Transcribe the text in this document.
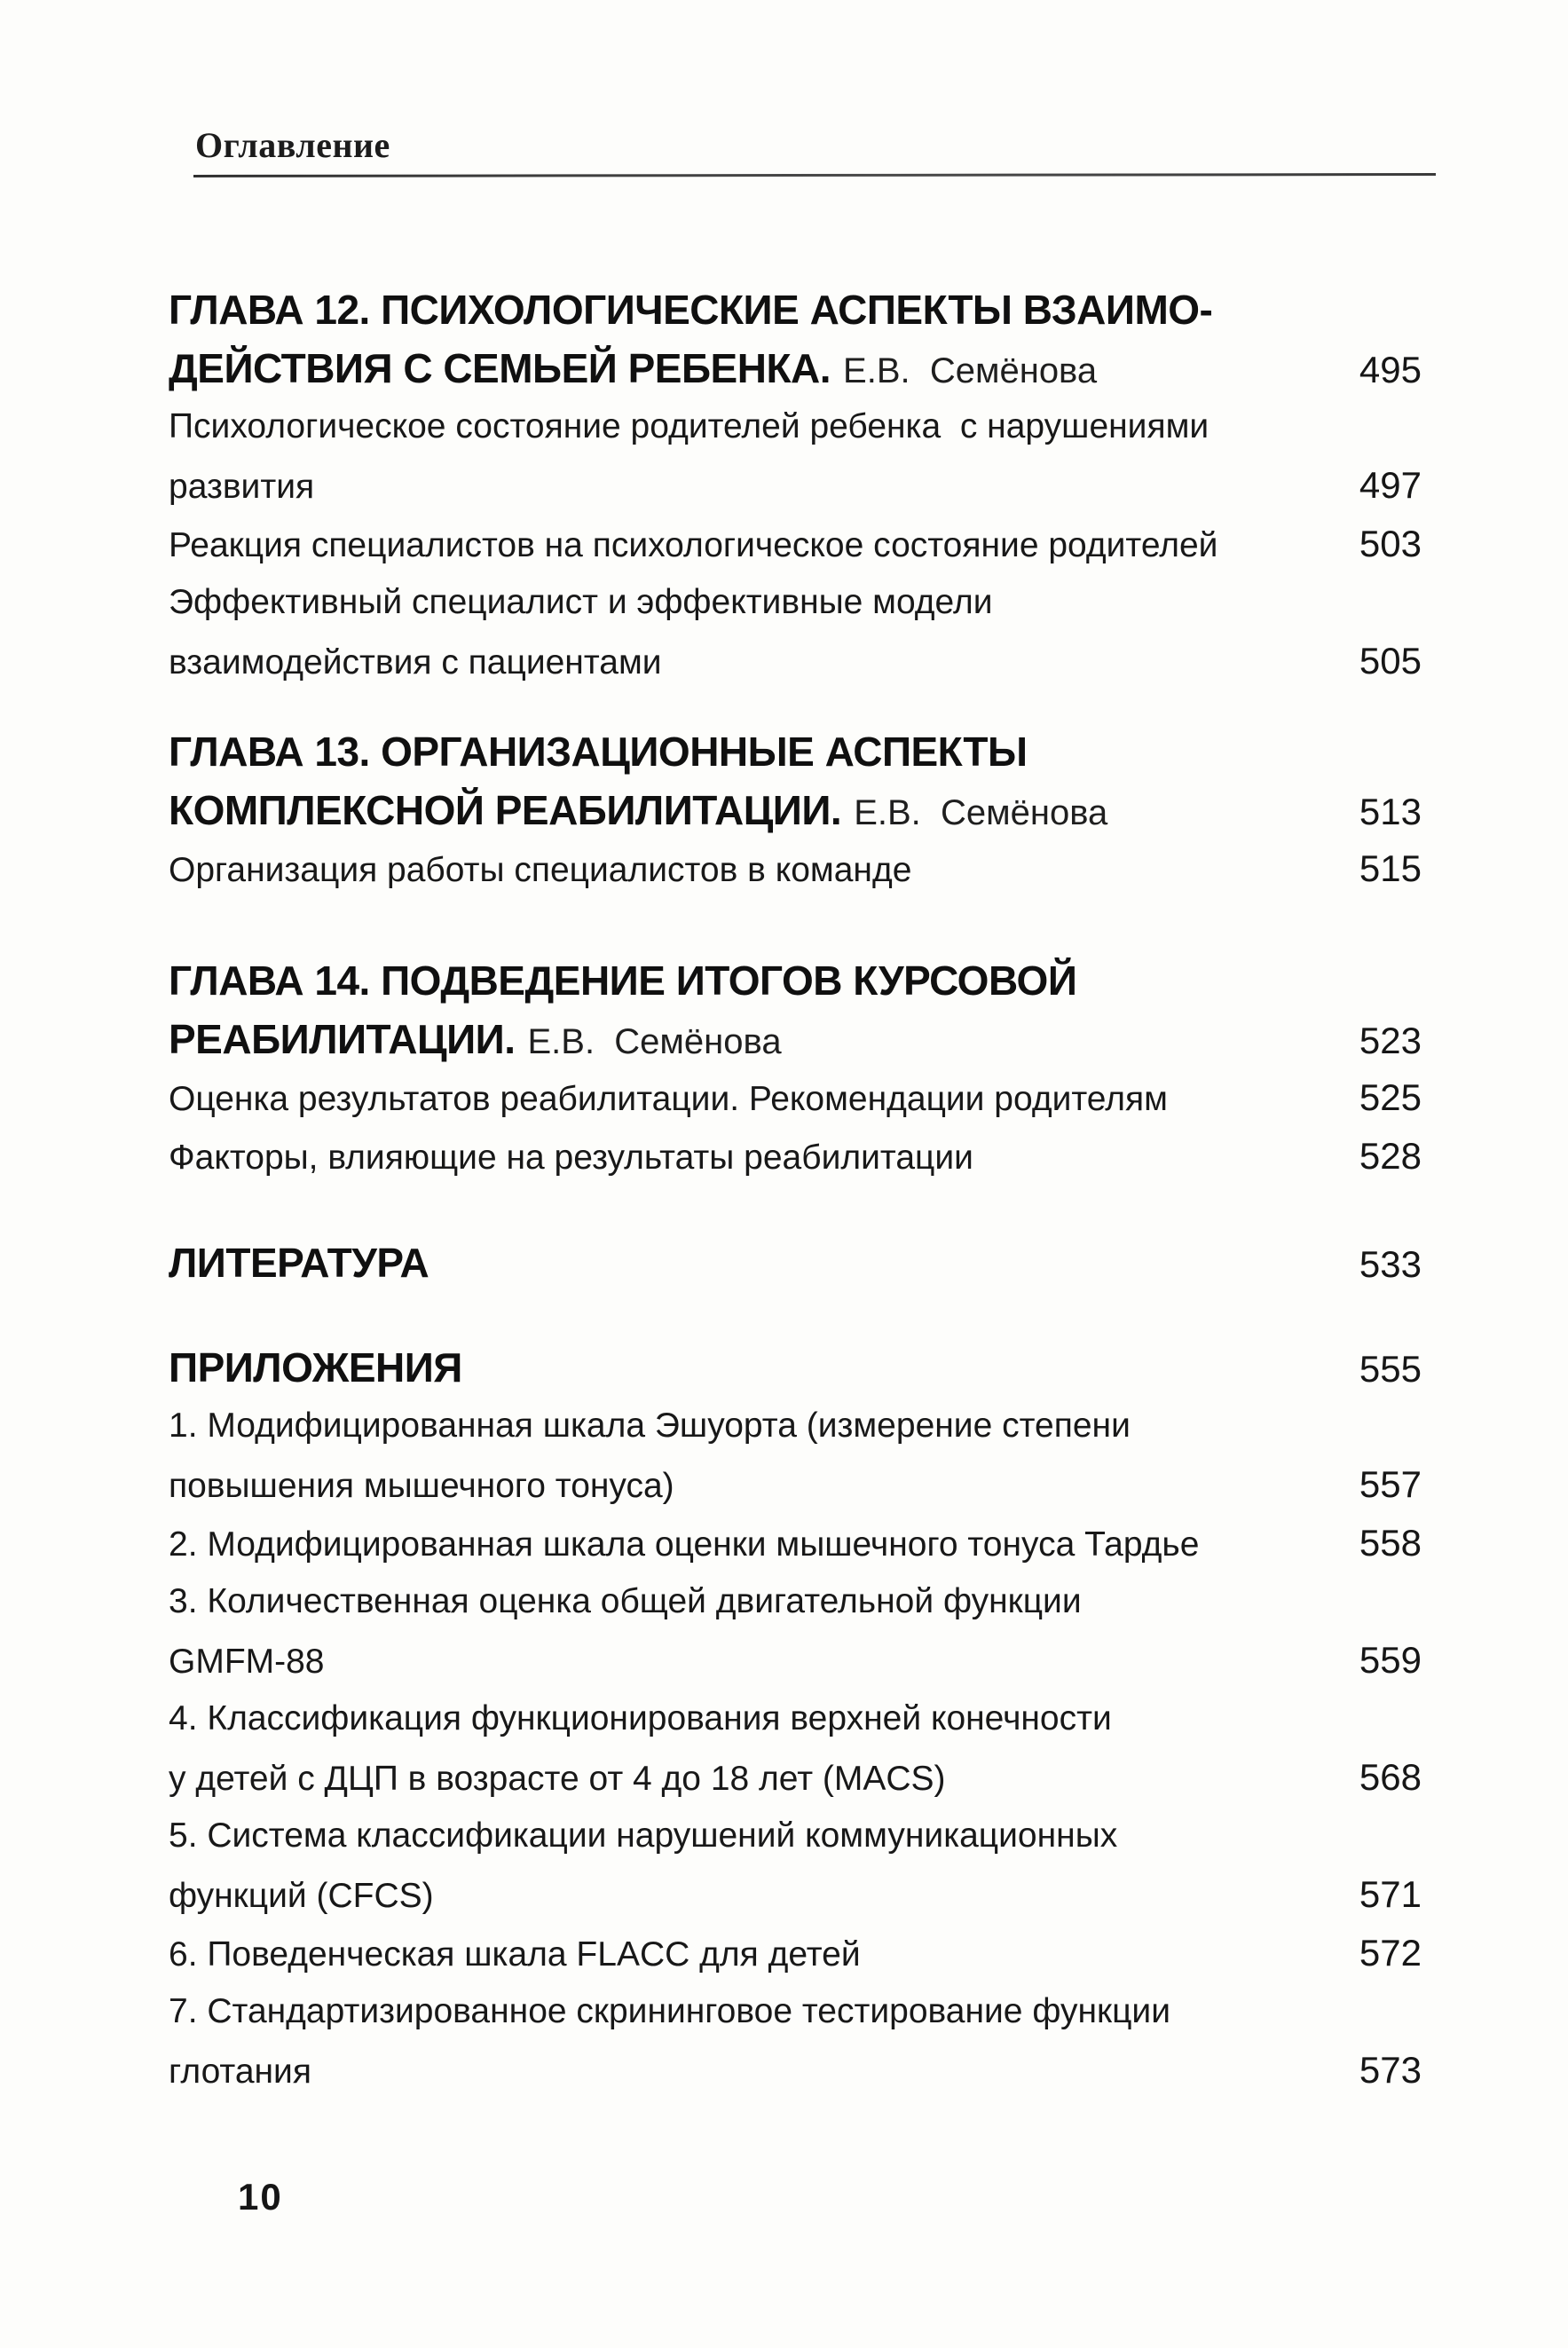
Оглавление
ГЛАВА 12. ПСИХОЛОГИЧЕСКИЕ АСПЕКТЫ ВЗАИМО-
ДЕЙСТВИЯ С СЕМЬЕЙ РЕБЕНКА. Е.В.  Семёнова	495
Психологическое состояние родителей ребенка  с нарушениями
развития	497
Реакция специалистов на психологическое состояние родителей	503
Эффективный специалист и эффективные модели
взаимодействия с пациентами	505
ГЛАВА 13. ОРГАНИЗАЦИОННЫЕ АСПЕКТЫ
КОМПЛЕКСНОЙ РЕАБИЛИТАЦИИ. Е.В.  Семёнова	513
Организация работы специалистов в команде	515
ГЛАВА 14. ПОДВЕДЕНИЕ ИТОГОВ КУРСОВОЙ
РЕАБИЛИТАЦИИ. Е.В.  Семёнова	523
Оценка результатов реабилитации. Рекомендации родителям	525
Факторы, влияющие на результаты реабилитации	528
ЛИТЕРАТУРА	533
ПРИЛОЖЕНИЯ	555
1. Модифицированная шкала Эшуорта (измерение степени
повышения мышечного тонуса)	557
2. Модифицированная шкала оценки мышечного тонуса Тардье	558
3. Количественная оценка общей двигательной функции
GMFM-88	559
4. Классификация функционирования верхней конечности
у детей с ДЦП в возрасте от 4 до 18 лет (MACS)	568
5. Система классификации нарушений коммуникационных
функций (CFCS)	571
6. Поведенческая шкала FLACC для детей	572
7. Стандартизированное скрининговое тестирование функции
глотания	573
10
